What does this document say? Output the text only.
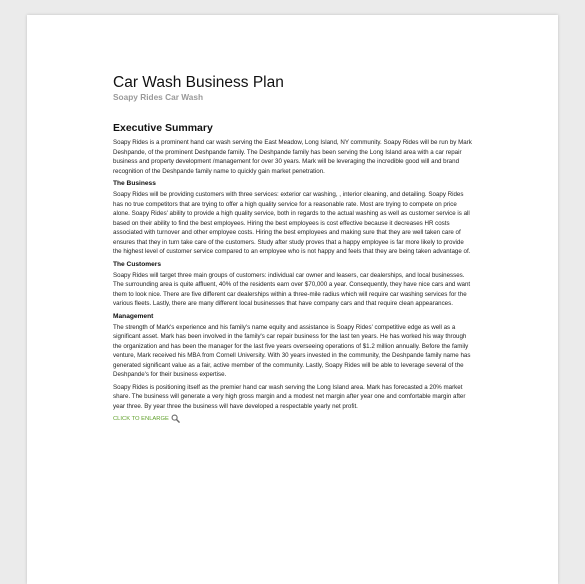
Car Wash Business Plan
Soapy Rides Car Wash
Executive Summary

Soapy Rides is a prominent hand car wash serving the East Meadow, Long Island, NY community. Soapy Rides will be run by Mark Deshpande, of the prominent Deshpande family. The Deshpande family has been serving the Long Island area with a car repair business and property development /management for over 30 years. Mark will be leveraging the incredible good will and brand recognition of the Deshpande family name to quickly gain market penetration.

The Business

Soapy Rides will be providing customers with three services: exterior car washing, , interior cleaning, and detailing. Soapy Rides has no true competitors that are trying to offer a high quality service for a reasonable rate. Most are trying to compete on price alone. Soapy Rides' ability to provide a high quality service, both in regards to the actual washing as well as customer service is all based on their ability to find the best employees. Hiring the best employees is cost effective because it decreases HR costs associated with turnover and other employee costs. Hiring the best employees and making sure that they are well taken care of ensures that they in turn take care of the customers. Study after study proves that a happy employee is far more likely to provide the highest level of customer service compared to an employee who is not happy and feels that they are being taken advantage of.

The Customers

Soapy Rides will target three main groups of customers: individual car owner and leasers, car dealerships, and local businesses. The surrounding area is quite affluent, 40% of the residents earn over $70,000 a year. Consequently, they have nice cars and want them to look nice. There are five different car dealerships within a three-mile radius which will require car washing services for the various fleets. Lastly, there are many different local businesses that have company cars and that require clean appearances.

Management

The strength of Mark's experience and his family's name equity and assistance is Soapy Rides' competitive edge as well as a significant asset. Mark has been involved in the family's car repair business for the last ten years. He has worked his way through the organization and has been the manager for the last five years overseeing operations of $1.2 million annually. Before the family venture, Mark received his MBA from Cornell University. With 30 years invested in the community, the Deshpande family name has generated significant value as a fair, active member of the community. Lastly, Soapy Rides will be able to leverage several of the Deshpande's for their business expertise.

Soapy Rides is positioning itself as the premier hand car wash serving the Long Island area. Mark has forecasted a 20% market share. The business will generate a very high gross margin and a modest net margin after year one and comfortable margin after year three. By year three the business will have developed a respectable yearly net profit.

CLICK TO ENLARGE
